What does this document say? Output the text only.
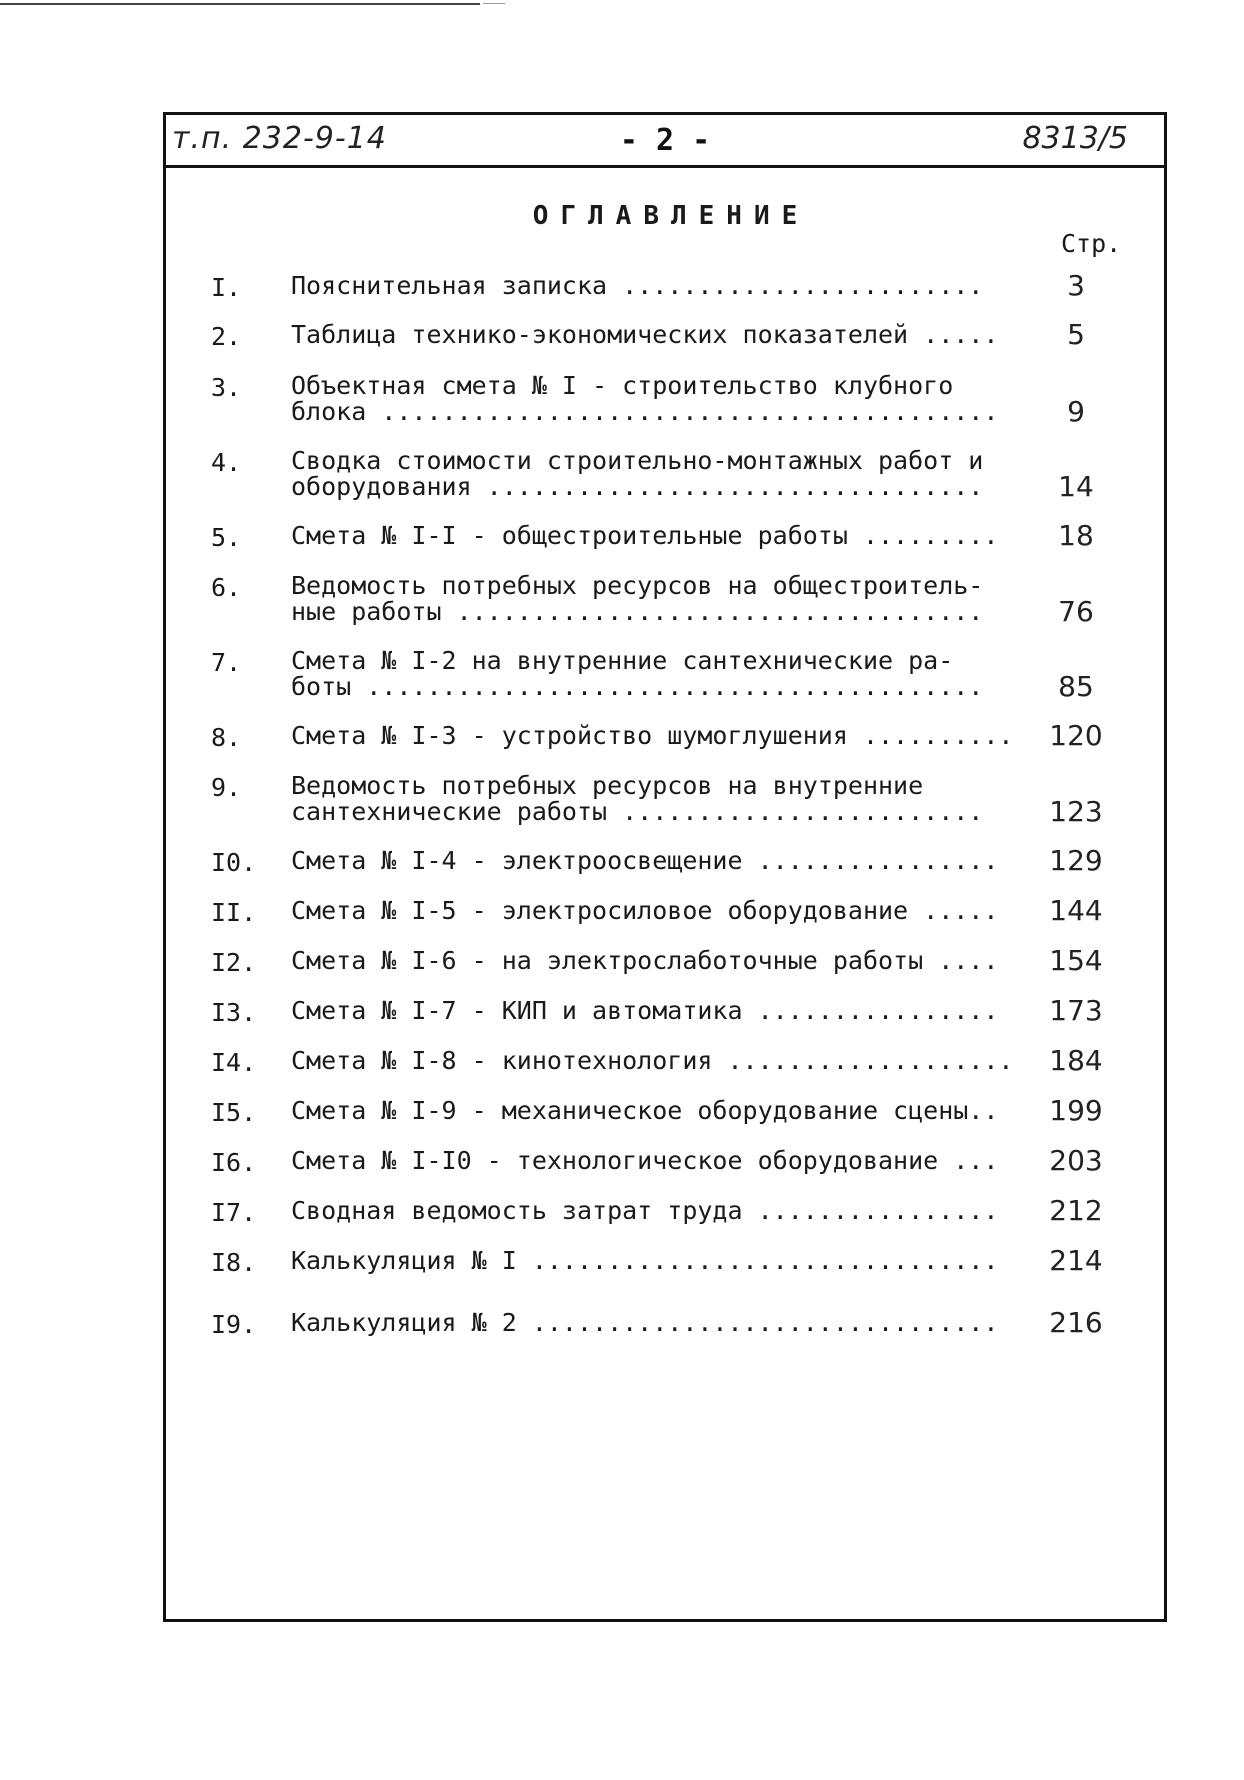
т.п. 232-9-14	- 2 -	8313/5
ОГЛАВЛЕНИЕ
Стр.
I. Пояснительная записка ........................	3
2. Таблица технико-экономических показателей .....	5
3. Объектная смета № I - строительство клубного
блока .........................................	9
4. Сводка стоимости строительно-монтажных работ и
оборудования .................................	14
5. Смета № I-I - общестроительные работы .........	18
6. Ведомость потребных ресурсов на общестроитель-
ные работы ...................................	76
7. Смета № I-2 на внутренние сантехнические ра-
боты .........................................	85
8. Смета № I-3 - устройство шумоглушения ..........	120
9. Ведомость потребных ресурсов на внутренние
сантехнические работы ........................	123
I0. Смета № I-4 - электроосвещение ................	129
II. Смета № I-5 - электросиловое оборудование .....	144
I2. Смета № I-6 - на электрослаботочные работы ....	154
I3. Смета № I-7 - КИП и автоматика ................	173
I4. Смета № I-8 - кинотехнология ...................	184
I5. Смета № I-9 - механическое оборудование сцены..	199
I6. Смета № I-I0 - технологическое оборудование ...	203
I7. Сводная ведомость затрат труда ................	212
I8. Калькуляция № I ...............................	214
I9. Калькуляция № 2 ...............................	216
